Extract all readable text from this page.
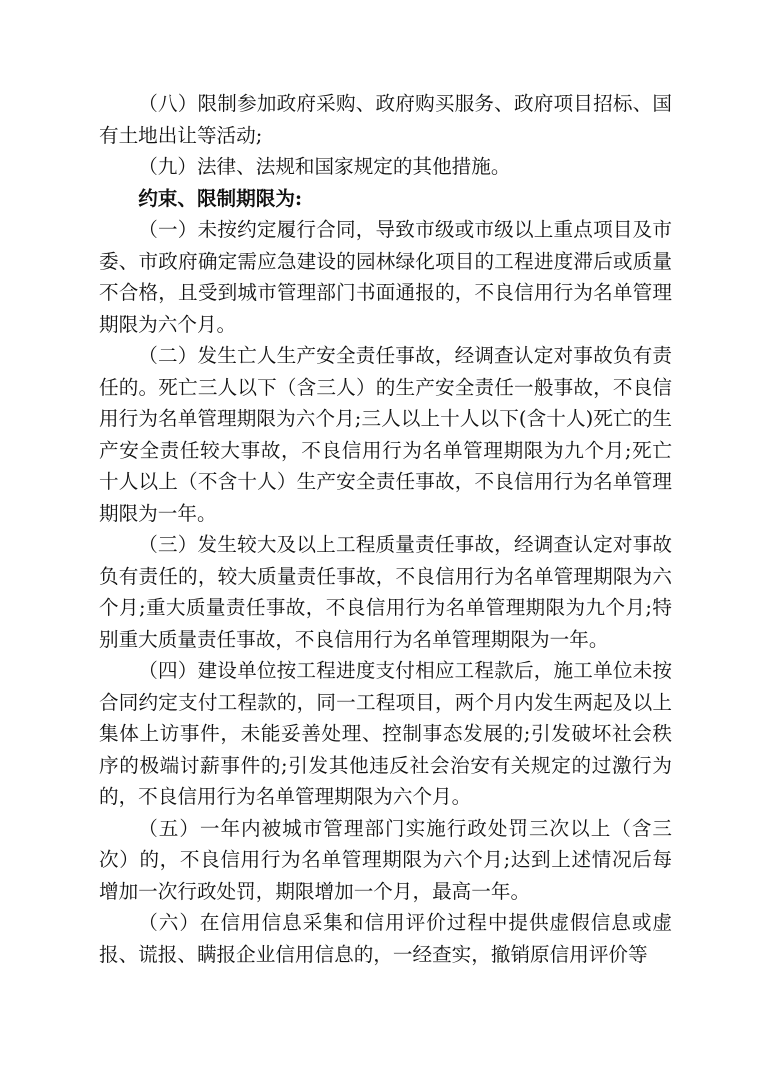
（八）限制参加政府采购、政府购买服务、政府项目招标、国有土地出让等活动;

（九）法律、法规和国家规定的其他措施。

约束、限制期限为:

（一）未按约定履行合同，导致市级或市级以上重点项目及市委、市政府确定需应急建设的园林绿化项目的工程进度滞后或质量不合格，且受到城市管理部门书面通报的，不良信用行为名单管理期限为六个月。

（二）发生亡人生产安全责任事故，经调查认定对事故负有责任的。死亡三人以下（含三人）的生产安全责任一般事故，不良信用行为名单管理期限为六个月;三人以上十人以下(含十人)死亡的生产安全责任较大事故，不良信用行为名单管理期限为九个月;死亡十人以上（不含十人）生产安全责任事故，不良信用行为名单管理期限为一年。

（三）发生较大及以上工程质量责任事故，经调查认定对事故负有责任的，较大质量责任事故，不良信用行为名单管理期限为六个月;重大质量责任事故，不良信用行为名单管理期限为九个月;特别重大质量责任事故，不良信用行为名单管理期限为一年。

（四）建设单位按工程进度支付相应工程款后，施工单位未按合同约定支付工程款的，同一工程项目，两个月内发生两起及以上集体上访事件，未能妥善处理、控制事态发展的;引发破坏社会秩序的极端讨薪事件的;引发其他违反社会治安有关规定的过激行为的，不良信用行为名单管理期限为六个月。

（五）一年内被城市管理部门实施行政处罚三次以上（含三次）的，不良信用行为名单管理期限为六个月;达到上述情况后每增加一次行政处罚，期限增加一个月，最高一年。

（六）在信用信息采集和信用评价过程中提供虚假信息或虚报、谎报、瞒报企业信用信息的，一经查实，撤销原信用评价等
